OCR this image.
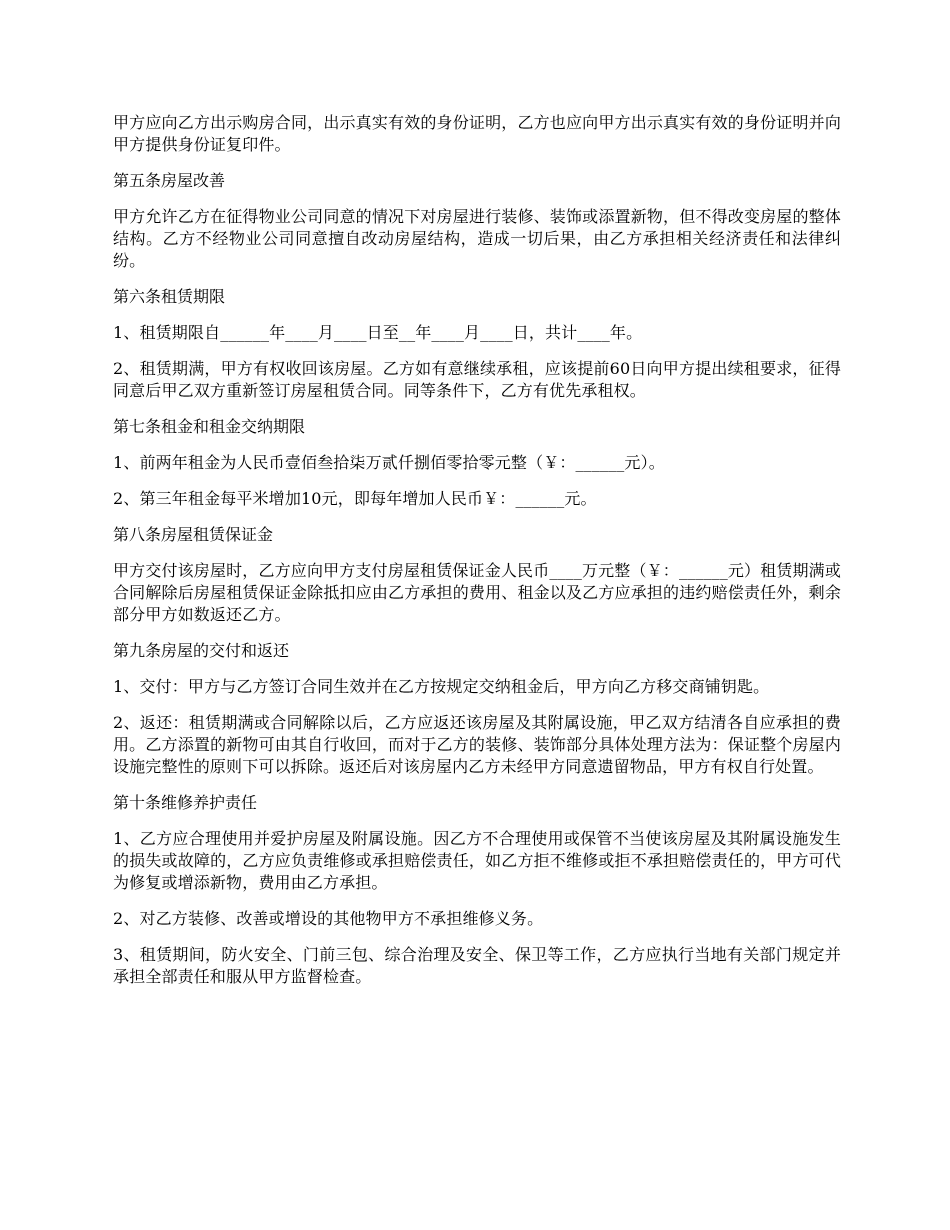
甲方应向乙方出示购房合同，出示真实有效的身份证明，乙方也应向甲方出示真实有效的身份证明并向甲方提供身份证复印件。

第五条房屋改善

甲方允许乙方在征得物业公司同意的情况下对房屋进行装修、装饰或添置新物，但不得改变房屋的整体结构。乙方不经物业公司同意擅自改动房屋结构，造成一切后果，由乙方承担相关经济责任和法律纠纷。

第六条租赁期限

1、租赁期限自______年____月____日至__年____月____日，共计____年。

2、租赁期满，甲方有权收回该房屋。乙方如有意继续承租，应该提前60日向甲方提出续租要求，征得同意后甲乙双方重新签订房屋租赁合同。同等条件下，乙方有优先承租权。

第七条租金和租金交纳期限

1、前两年租金为人民币壹佰叁拾柒万贰仟捌佰零拾零元整（￥：______元）。

2、第三年租金每平米增加10元，即每年增加人民币￥：______元。

第八条房屋租赁保证金

甲方交付该房屋时，乙方应向甲方支付房屋租赁保证金人民币____万元整（￥：______元）租赁期满或合同解除后房屋租赁保证金除抵扣应由乙方承担的费用、租金以及乙方应承担的违约赔偿责任外，剩余部分甲方如数返还乙方。

第九条房屋的交付和返还

1、交付：甲方与乙方签订合同生效并在乙方按规定交纳租金后，甲方向乙方移交商铺钥匙。

2、返还：租赁期满或合同解除以后，乙方应返还该房屋及其附属设施，甲乙双方结清各自应承担的费用。乙方添置的新物可由其自行收回，而对于乙方的装修、装饰部分具体处理方法为：保证整个房屋内设施完整性的原则下可以拆除。返还后对该房屋内乙方未经甲方同意遗留物品，甲方有权自行处置。

第十条维修养护责任

1、乙方应合理使用并爱护房屋及附属设施。因乙方不合理使用或保管不当使该房屋及其附属设施发生的损失或故障的，乙方应负责维修或承担赔偿责任，如乙方拒不维修或拒不承担赔偿责任的，甲方可代为修复或增添新物，费用由乙方承担。

2、对乙方装修、改善或增设的其他物甲方不承担维修义务。

3、租赁期间，防火安全、门前三包、综合治理及安全、保卫等工作，乙方应执行当地有关部门规定并承担全部责任和服从甲方监督检查。
